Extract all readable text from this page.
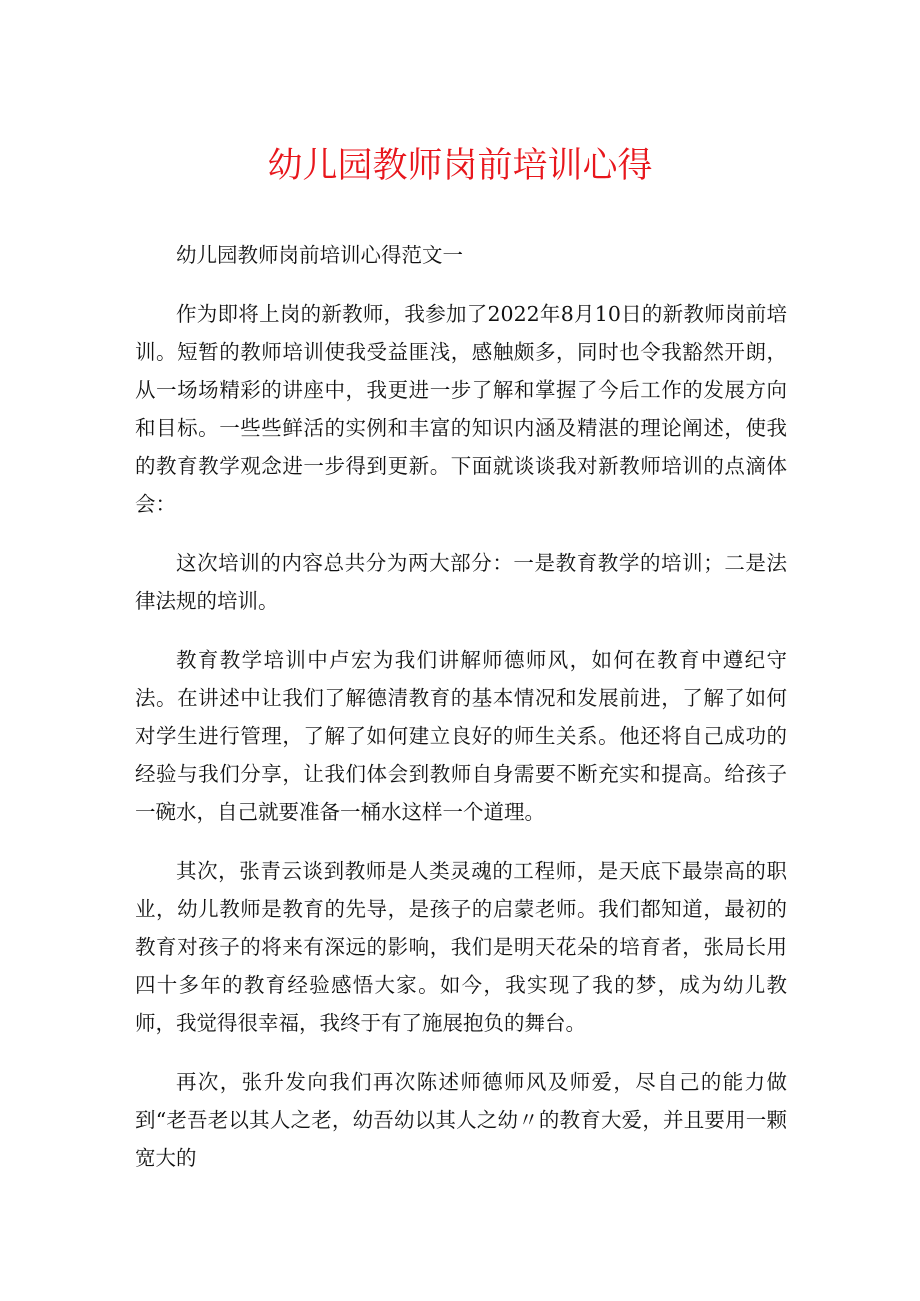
幼儿园教师岗前培训心得

幼儿园教师岗前培训心得范文一

作为即将上岗的新教师，我参加了2022年8月10日的新教师岗前培训。短暂的教师培训使我受益匪浅，感触颇多，同时也令我豁然开朗，从一场场精彩的讲座中，我更进一步了解和掌握了今后工作的发展方向和目标。一些些鲜活的实例和丰富的知识内涵及精湛的理论阐述，使我的教育教学观念进一步得到更新。下面就谈谈我对新教师培训的点滴体会：

这次培训的内容总共分为两大部分：一是教育教学的培训；二是法律法规的培训。

教育教学培训中卢宏为我们讲解师德师风，如何在教育中遵纪守法。在讲述中让我们了解德清教育的基本情况和发展前进，了解了如何对学生进行管理，了解了如何建立良好的师生关系。他还将自己成功的经验与我们分享，让我们体会到教师自身需要不断充实和提高。给孩子一碗水，自己就要准备一桶水这样一个道理。

其次，张青云谈到教师是人类灵魂的工程师，是天底下最崇高的职业，幼儿教师是教育的先导，是孩子的启蒙老师。我们都知道，最初的教育对孩子的将来有深远的影响，我们是明天花朵的培育者，张局长用四十多年的教育经验感悟大家。如今，我实现了我的梦，成为幼儿教师，我觉得很幸福，我终于有了施展抱负的舞台。

再次，张升发向我们再次陈述师德师风及师爱，尽自己的能力做到“老吾老以其人之老，幼吾幼以其人之幼〃的教育大爱，并且要用一颗宽大的
